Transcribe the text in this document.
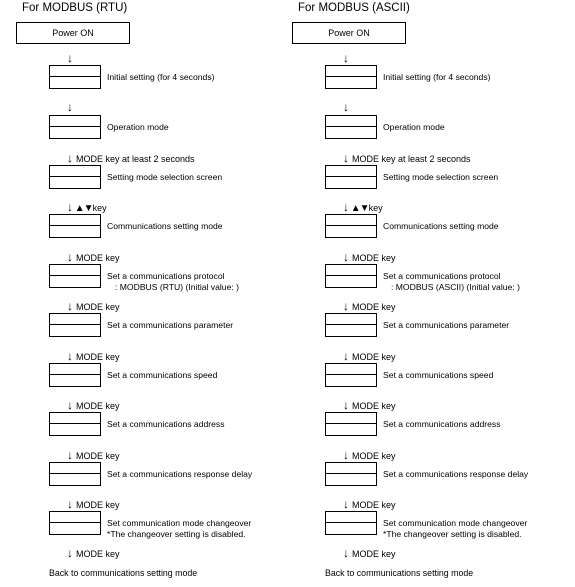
For MODBUS (RTU)
Power ON
↓
Initial setting (for 4 seconds)
↓
Operation mode
↓ MODE key at least 2 seconds
Setting mode selection screen
↓ ▲▼key
Communications setting mode
↓ MODE key
Set a communications protocol
: MODBUS (RTU) (Initial value: )
↓ MODE key
Set a communications parameter
↓ MODE key
Set a communications speed
↓ MODE key
Set a communications address
↓ MODE key
Set a communications response delay
↓ MODE key
Set communication mode changeover
*The changeover setting is disabled.
↓ MODE key
Back to communications setting mode
For MODBUS (ASCII)
Power ON
↓
Initial setting (for 4 seconds)
↓
Operation mode
↓ MODE key at least 2 seconds
Setting mode selection screen
↓ ▲▼key
Communications setting mode
↓ MODE key
Set a communications protocol
: MODBUS (ASCII) (Initial value: )
↓ MODE key
Set a communications parameter
↓ MODE key
Set a communications speed
↓ MODE key
Set a communications address
↓ MODE key
Set a communications response delay
↓ MODE key
Set communication mode changeover
*The changeover setting is disabled.
↓ MODE key
Back to communications setting mode
